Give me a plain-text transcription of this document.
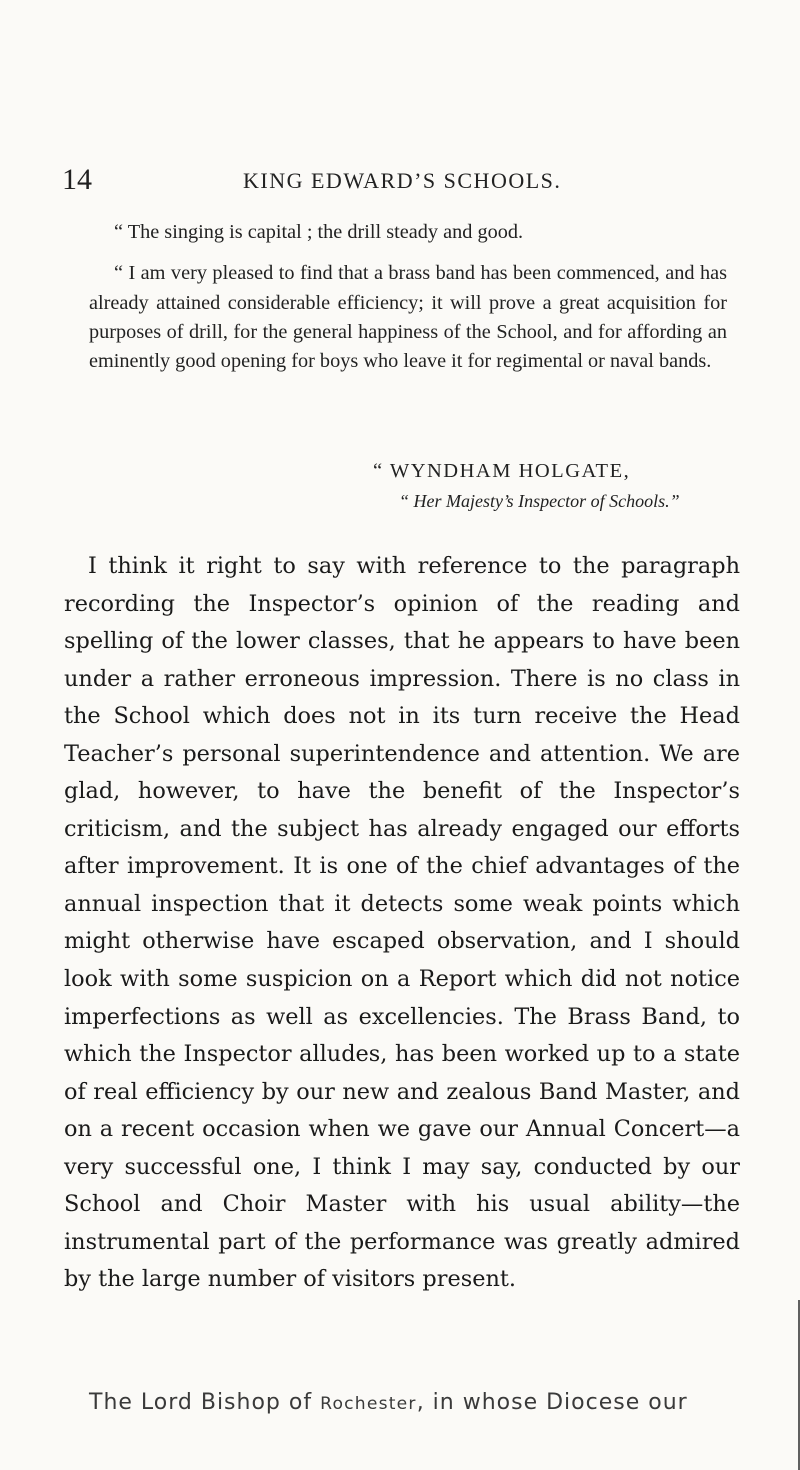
14	KING EDWARD’S SCHOOLS.

“ The singing is capital ; the drill steady and good.

“ I am very pleased to find that a brass band has been commenced, and has already attained considerable efficiency; it will prove a great acquisition for purposes of drill, for the general happiness of the School, and for affording an eminently good opening for boys who leave it for regimental or naval bands.

“ WYNDHAM HOLGATE,
“ Her Majesty’s Inspector of Schools.”

I think it right to say with reference to the paragraph recording the Inspector’s opinion of the reading and spelling of the lower classes, that he appears to have been under a rather erroneous impression. There is no class in the School which does not in its turn receive the Head Teacher’s personal superintendence and attention. We are glad, however, to have the benefit of the Inspector’s criticism, and the subject has already engaged our efforts after improvement. It is one of the chief advantages of the annual inspection that it detects some weak points which might otherwise have escaped observation, and I should look with some suspicion on a Report which did not notice imperfections as well as excellencies. The Brass Band, to which the Inspector alludes, has been worked up to a state of real efficiency by our new and zealous Band Master, and on a recent occasion when we gave our Annual Concert—a very successful one, I think I may say, conducted by our School and Choir Master with his usual ability—the instrumental part of the performance was greatly admired by the large number of visitors present.

The Lord Bishop of Rochester, in whose Diocese our
